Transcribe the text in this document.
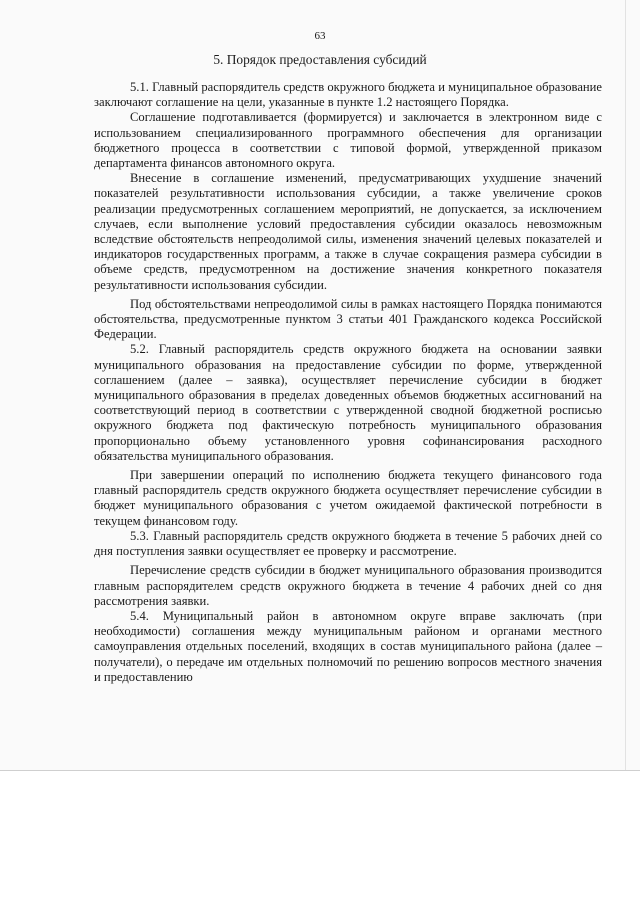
63
5. Порядок предоставления субсидий

5.1. Главный распорядитель средств окружного бюджета и муниципальное образование заключают соглашение на цели, указанные в пункте 1.2 настоящего Порядка.

Соглашение подготавливается (формируется) и заключается в электронном виде с использованием специализированного программного обеспечения для организации бюджетного процесса в соответствии с типовой формой, утвержденной приказом департамента финансов автономного округа.

Внесение в соглашение изменений, предусматривающих ухудшение значений показателей результативности использования субсидии, а также увеличение сроков реализации предусмотренных соглашением мероприятий, не допускается, за исключением случаев, если выполнение условий предоставления субсидии оказалось невозможным вследствие обстоятельств непреодолимой силы, изменения значений целевых показателей и индикаторов государственных программ, а также в случае сокращения размера субсидии в объеме средств, предусмотренном на достижение значения конкретного показателя результативности использования субсидии.

Под обстоятельствами непреодолимой силы в рамках настоящего Порядка понимаются обстоятельства, предусмотренные пунктом 3 статьи 401 Гражданского кодекса Российской Федерации.

5.2. Главный распорядитель средств окружного бюджета на основании заявки муниципального образования на предоставление субсидии по форме, утвержденной соглашением (далее – заявка), осуществляет перечисление субсидии в бюджет муниципального образования в пределах доведенных объемов бюджетных ассигнований на соответствующий период в соответствии с утвержденной сводной бюджетной росписью окружного бюджета под фактическую потребность муниципального образования пропорционально объему установленного уровня софинансирования расходного обязательства муниципального образования.

При завершении операций по исполнению бюджета текущего финансового года главный распорядитель средств окружного бюджета осуществляет перечисление субсидии в бюджет муниципального образования с учетом ожидаемой фактической потребности в текущем финансовом году.

5.3. Главный распорядитель средств окружного бюджета в течение 5 рабочих дней со дня поступления заявки осуществляет ее проверку и рассмотрение.

Перечисление средств субсидии в бюджет муниципального образования производится главным распорядителем средств окружного бюджета в течение 4 рабочих дней со дня рассмотрения заявки.

5.4. Муниципальный район в автономном округе вправе заключать (при необходимости) соглашения между муниципальным районом и органами местного самоуправления отдельных поселений, входящих в состав муниципального района (далее – получатели), о передаче им отдельных полномочий по решению вопросов местного значения и предоставлению
